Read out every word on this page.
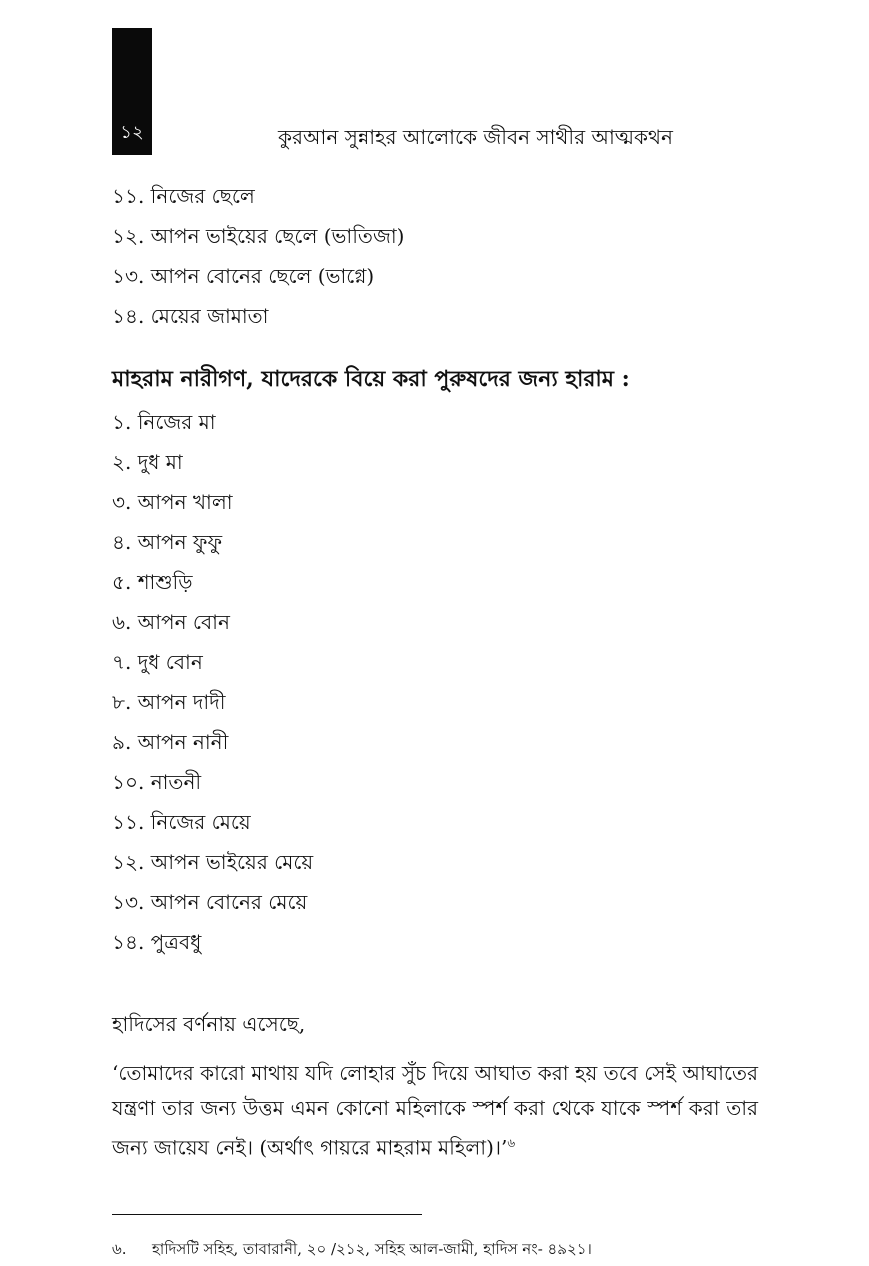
১২	কুরআন সুন্নাহর আলোকে জীবন সাথীর আত্মকথন
১১. নিজের ছেলে
১২. আপন ভাইয়ের ছেলে (ভাতিজা)
১৩. আপন বোনের ছেলে (ভাগ্নে)
১৪. মেয়ের জামাতা
মাহরাম নারীগণ, যাদেরকে বিয়ে করা পুরুষদের জন্য হারাম :
১. নিজের মা
২. দুধ মা
৩. আপন খালা
৪. আপন ফুফু
৫. শাশুড়ি
৬. আপন বোন
৭. দুধ বোন
৮. আপন দাদী
৯. আপন নানী
১০. নাতনী
১১. নিজের মেয়ে
১২. আপন ভাইয়ের মেয়ে
১৩. আপন বোনের মেয়ে
১৪. পুত্রবধু
হাদিসের বর্ণনায় এসেছে,

‘তোমাদের কারো মাথায় যদি লোহার সুঁচ দিয়ে আঘাত করা হয় তবে সেই আঘাতের যন্ত্রণা তার জন্য উত্তম এমন কোনো মহিলাকে স্পর্শ করা থেকে যাকে স্পর্শ করা তার জন্য জায়েয নেই। (অর্থাৎ গায়রে মাহরাম মহিলা)।’$^৬$

৬. হাদিসটি সহিহ, তাবারানী, ২০ /২১২, সহিহ আল-জামী, হাদিস নং- ৪৯২১।
